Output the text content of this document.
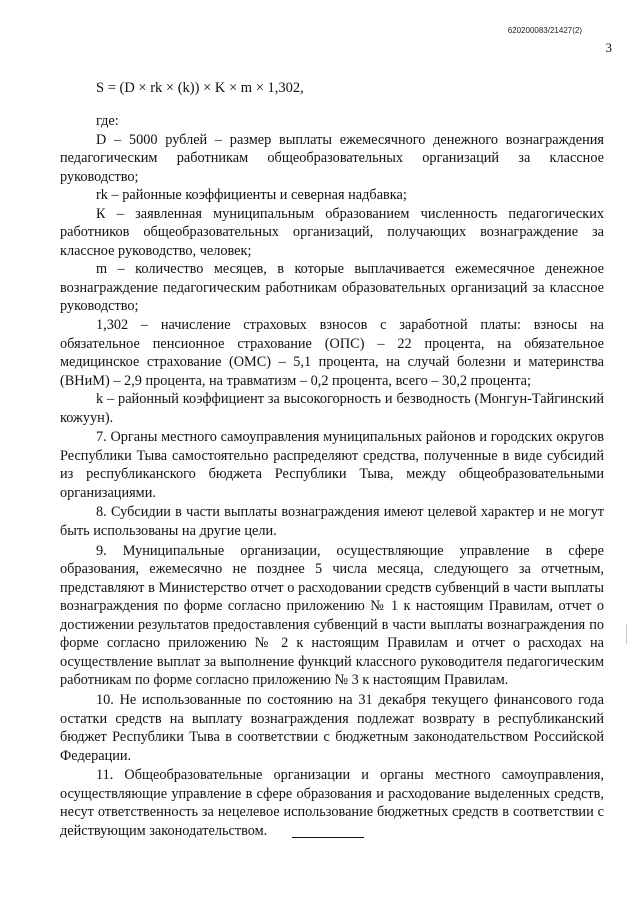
620200083/21427(2)
3
S = (D × rk × (k)) × K × m × 1,302,

где:

D – 5000 рублей – размер выплаты ежемесячного денежного вознаграждения педагогическим работникам общеобразовательных организаций за классное руководство;

rk – районные коэффициенты и северная надбавка;

К – заявленная муниципальным образованием численность педагогических работников общеобразовательных организаций, получающих вознаграждение за классное руководство, человек;

m – количество месяцев, в которые выплачивается ежемесячное денежное вознаграждение педагогическим работникам образовательных организаций за классное руководство;

1,302 – начисление страховых взносов с заработной платы: взносы на обязательное пенсионное страхование (ОПС) – 22 процента, на обязательное медицинское страхование (ОМС) – 5,1 процента, на случай болезни и материнства (ВНиМ) – 2,9 процента, на травматизм – 0,2 процента, всего – 30,2 процента;

k – районный коэффициент за высокогорность и безводность (Монгун-Тайгинский кожуун).

7. Органы местного самоуправления муниципальных районов и городских округов Республики Тыва самостоятельно распределяют средства, полученные в виде субсидий из республиканского бюджета Республики Тыва, между общеобразовательными организациями.

8. Субсидии в части выплаты вознаграждения имеют целевой характер и не могут быть использованы на другие цели.

9. Муниципальные организации, осуществляющие управление в сфере образования, ежемесячно не позднее 5 числа месяца, следующего за отчетным, представляют в Министерство отчет о расходовании средств субвенций в части выплаты вознаграждения по форме согласно приложению № 1 к настоящим Правилам, отчет о достижении результатов предоставления субвенций в части выплаты вознаграждения по форме согласно приложению № 2 к настоящим Правилам и отчет о расходах на осуществление выплат за выполнение функций классного руководителя педагогическим работникам по форме согласно приложению № 3 к настоящим Правилам.

10. Не использованные по состоянию на 31 декабря текущего финансового года остатки средств на выплату вознаграждения подлежат возврату в республиканский бюджет Республики Тыва в соответствии с бюджетным законодательством Российской Федерации.

11. Общеобразовательные организации и органы местного самоуправления, осуществляющие управление в сфере образования и расходование выделенных средств, несут ответственность за нецелевое использование бюджетных средств в соответствии с действующим законодательством.
